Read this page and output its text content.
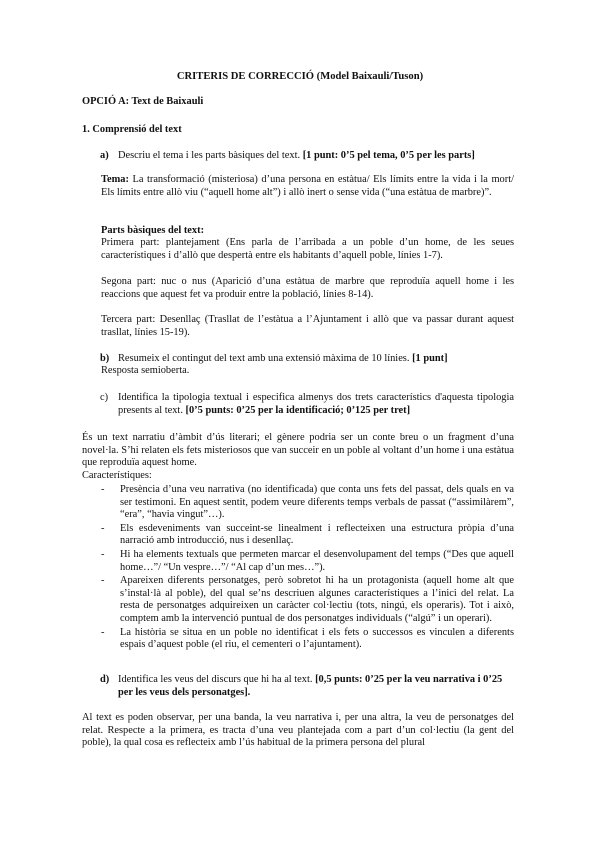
CRITERIS DE CORRECCIÓ (Model Baixauli/Tuson)
OPCIÓ A: Text de Baixauli
1. Comprensió del text
a) Descriu el tema i les parts bàsiques del text. [1 punt: 0’5 pel tema, 0’5 per les parts]

Tema: La transformació (misteriosa) d’una persona en estàtua/ Els límits entre la vida i la mort/ Els límits entre allò viu (“aquell home alt”) i allò inert o sense vida (“una estàtua de marbre)”.

Parts bàsiques del text:

Primera part: plantejament (Ens parla de l’arribada a un poble d’un home, de les seues característiques i d’allò que despertà entre els habitants d’aquell poble, línies 1-7).

Segona part: nuc o nus (Aparició d’una estàtua de marbre que reproduïa aquell home i les reaccions que aquest fet va produir entre la població, línies 8-14).

Tercera part: Desenllaç (Trasllat de l’estàtua a l’Ajuntament i allò que va passar durant aquest trasllat, línies 15-19).

b) Resumeix el contingut del text amb una extensió màxima de 10 línies. [1 punt]

Resposta semioberta.
c) Identifica la tipologia textual i especifica almenys dos trets característics d'aquesta tipologia presents al text. [0’5 punts: 0’25 per la identificació; 0’125 per tret]

És un text narratiu d’àmbit d’ús literari; el gènere podria ser un conte breu o un fragment d’una novel·la. S’hi relaten els fets misteriosos que van succeir en un poble al voltant d’un home i una estàtua que reproduïa aquest home.

Característiques:
- Presència d’una veu narrativa (no identificada) que conta uns fets del passat, dels quals en va ser testimoni. En aquest sentit, podem veure diferents temps verbals de passat (“assimilàrem”, “era”, “havia vingut”…).
- Els esdeveniments van succeint-se linealment i reflecteixen una estructura pròpia d’una narració amb introducció, nus i desenllaç.
- Hi ha elements textuals que permeten marcar el desenvolupament del temps (“Des que aquell home…”/ “Un vespre…”/ “Al cap d’un mes…”).
- Apareixen diferents personatges, però sobretot hi ha un protagonista (aquell home alt que s’instal·là al poble), del qual se’ns descriuen algunes característiques a l’inici del relat. La resta de personatges adquireixen un caràcter col·lectiu (tots, ningú, els operaris). Tot i això, comptem amb la intervenció puntual de dos personatges individuals (“algú” i un operari).
- La història se situa en un poble no identificat i els fets o successos es vinculen a diferents espais d’aquest poble (el riu, el cementeri o l’ajuntament).
d) Identifica les veus del discurs que hi ha al text. [0,5 punts: 0’25 per la veu narrativa i 0’25 per les veus dels personatges].

Al text es poden observar, per una banda, la veu narrativa i, per una altra, la veu de personatges del relat. Respecte a la primera, es tracta d’una veu plantejada com a part d’un col·lectiu (la gent del poble), la qual cosa es reflecteix amb l’ús habitual de la primera persona del plural
